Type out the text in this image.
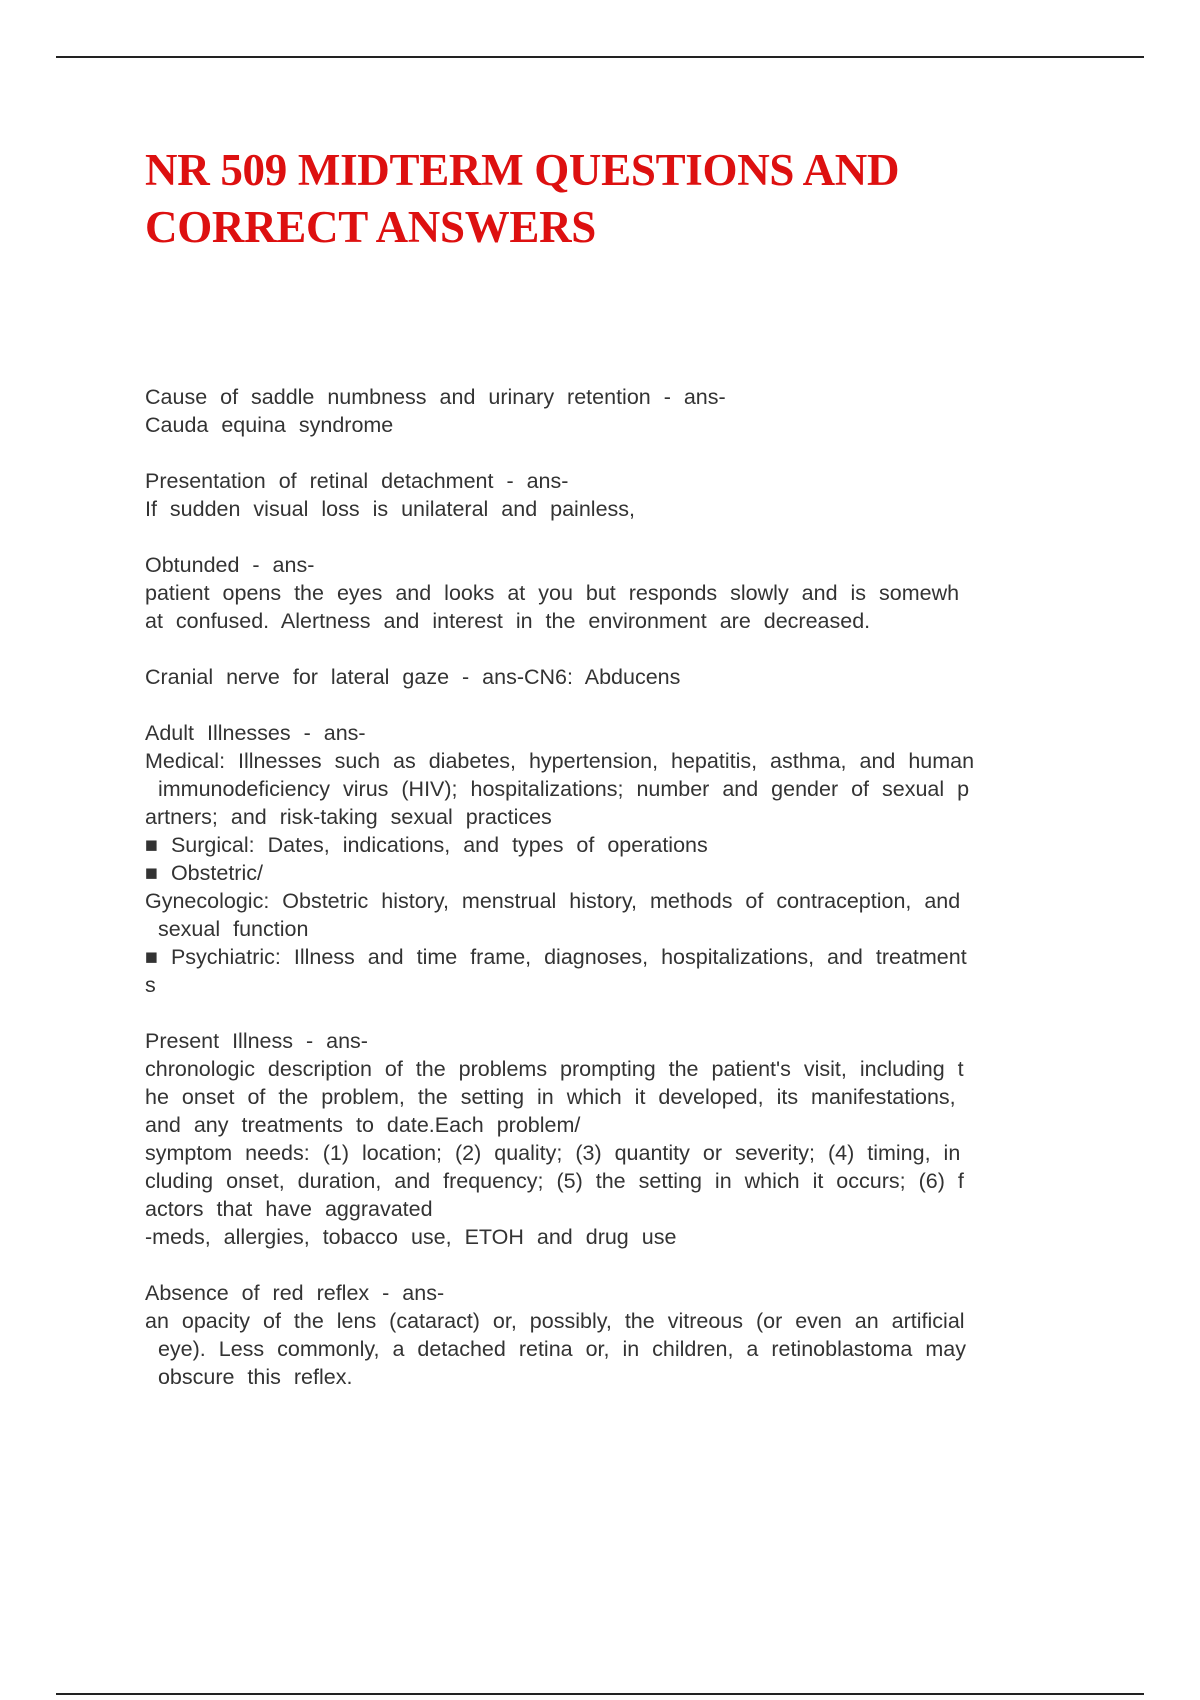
NR 509 MIDTERM QUESTIONS AND
CORRECT ANSWERS
Cause of saddle numbness and urinary retention - ans-
Cauda equina syndrome
Presentation of retinal detachment - ans-
If sudden visual loss is unilateral and painless,
Obtunded - ans-
patient opens the eyes and looks at you but responds slowly and is somewh
at confused. Alertness and interest in the environment are decreased.
Cranial nerve for lateral gaze - ans-CN6: Abducens
Adult Illnesses - ans-
Medical: Illnesses such as diabetes, hypertension, hepatitis, asthma, and human
immunodeficiency virus (HIV); hospitalizations; number and gender of sexual p
artners; and risk-taking sexual practices
■ Surgical: Dates, indications, and types of operations
■ Obstetric/
Gynecologic: Obstetric history, menstrual history, methods of contraception, and
sexual function
■ Psychiatric: Illness and time frame, diagnoses, hospitalizations, and treatment
s
Present Illness - ans-
chronologic description of the problems prompting the patient's visit, including t
he onset of the problem, the setting in which it developed, its manifestations,
and any treatments to date.Each problem/
symptom needs: (1) location; (2) quality; (3) quantity or severity; (4) timing, in
cluding onset, duration, and frequency; (5) the setting in which it occurs; (6) f
actors that have aggravated
-meds, allergies, tobacco use, ETOH and drug use
Absence of red reflex - ans-
an opacity of the lens (cataract) or, possibly, the vitreous (or even an artificial
eye). Less commonly, a detached retina or, in children, a retinoblastoma may
obscure this reflex.
